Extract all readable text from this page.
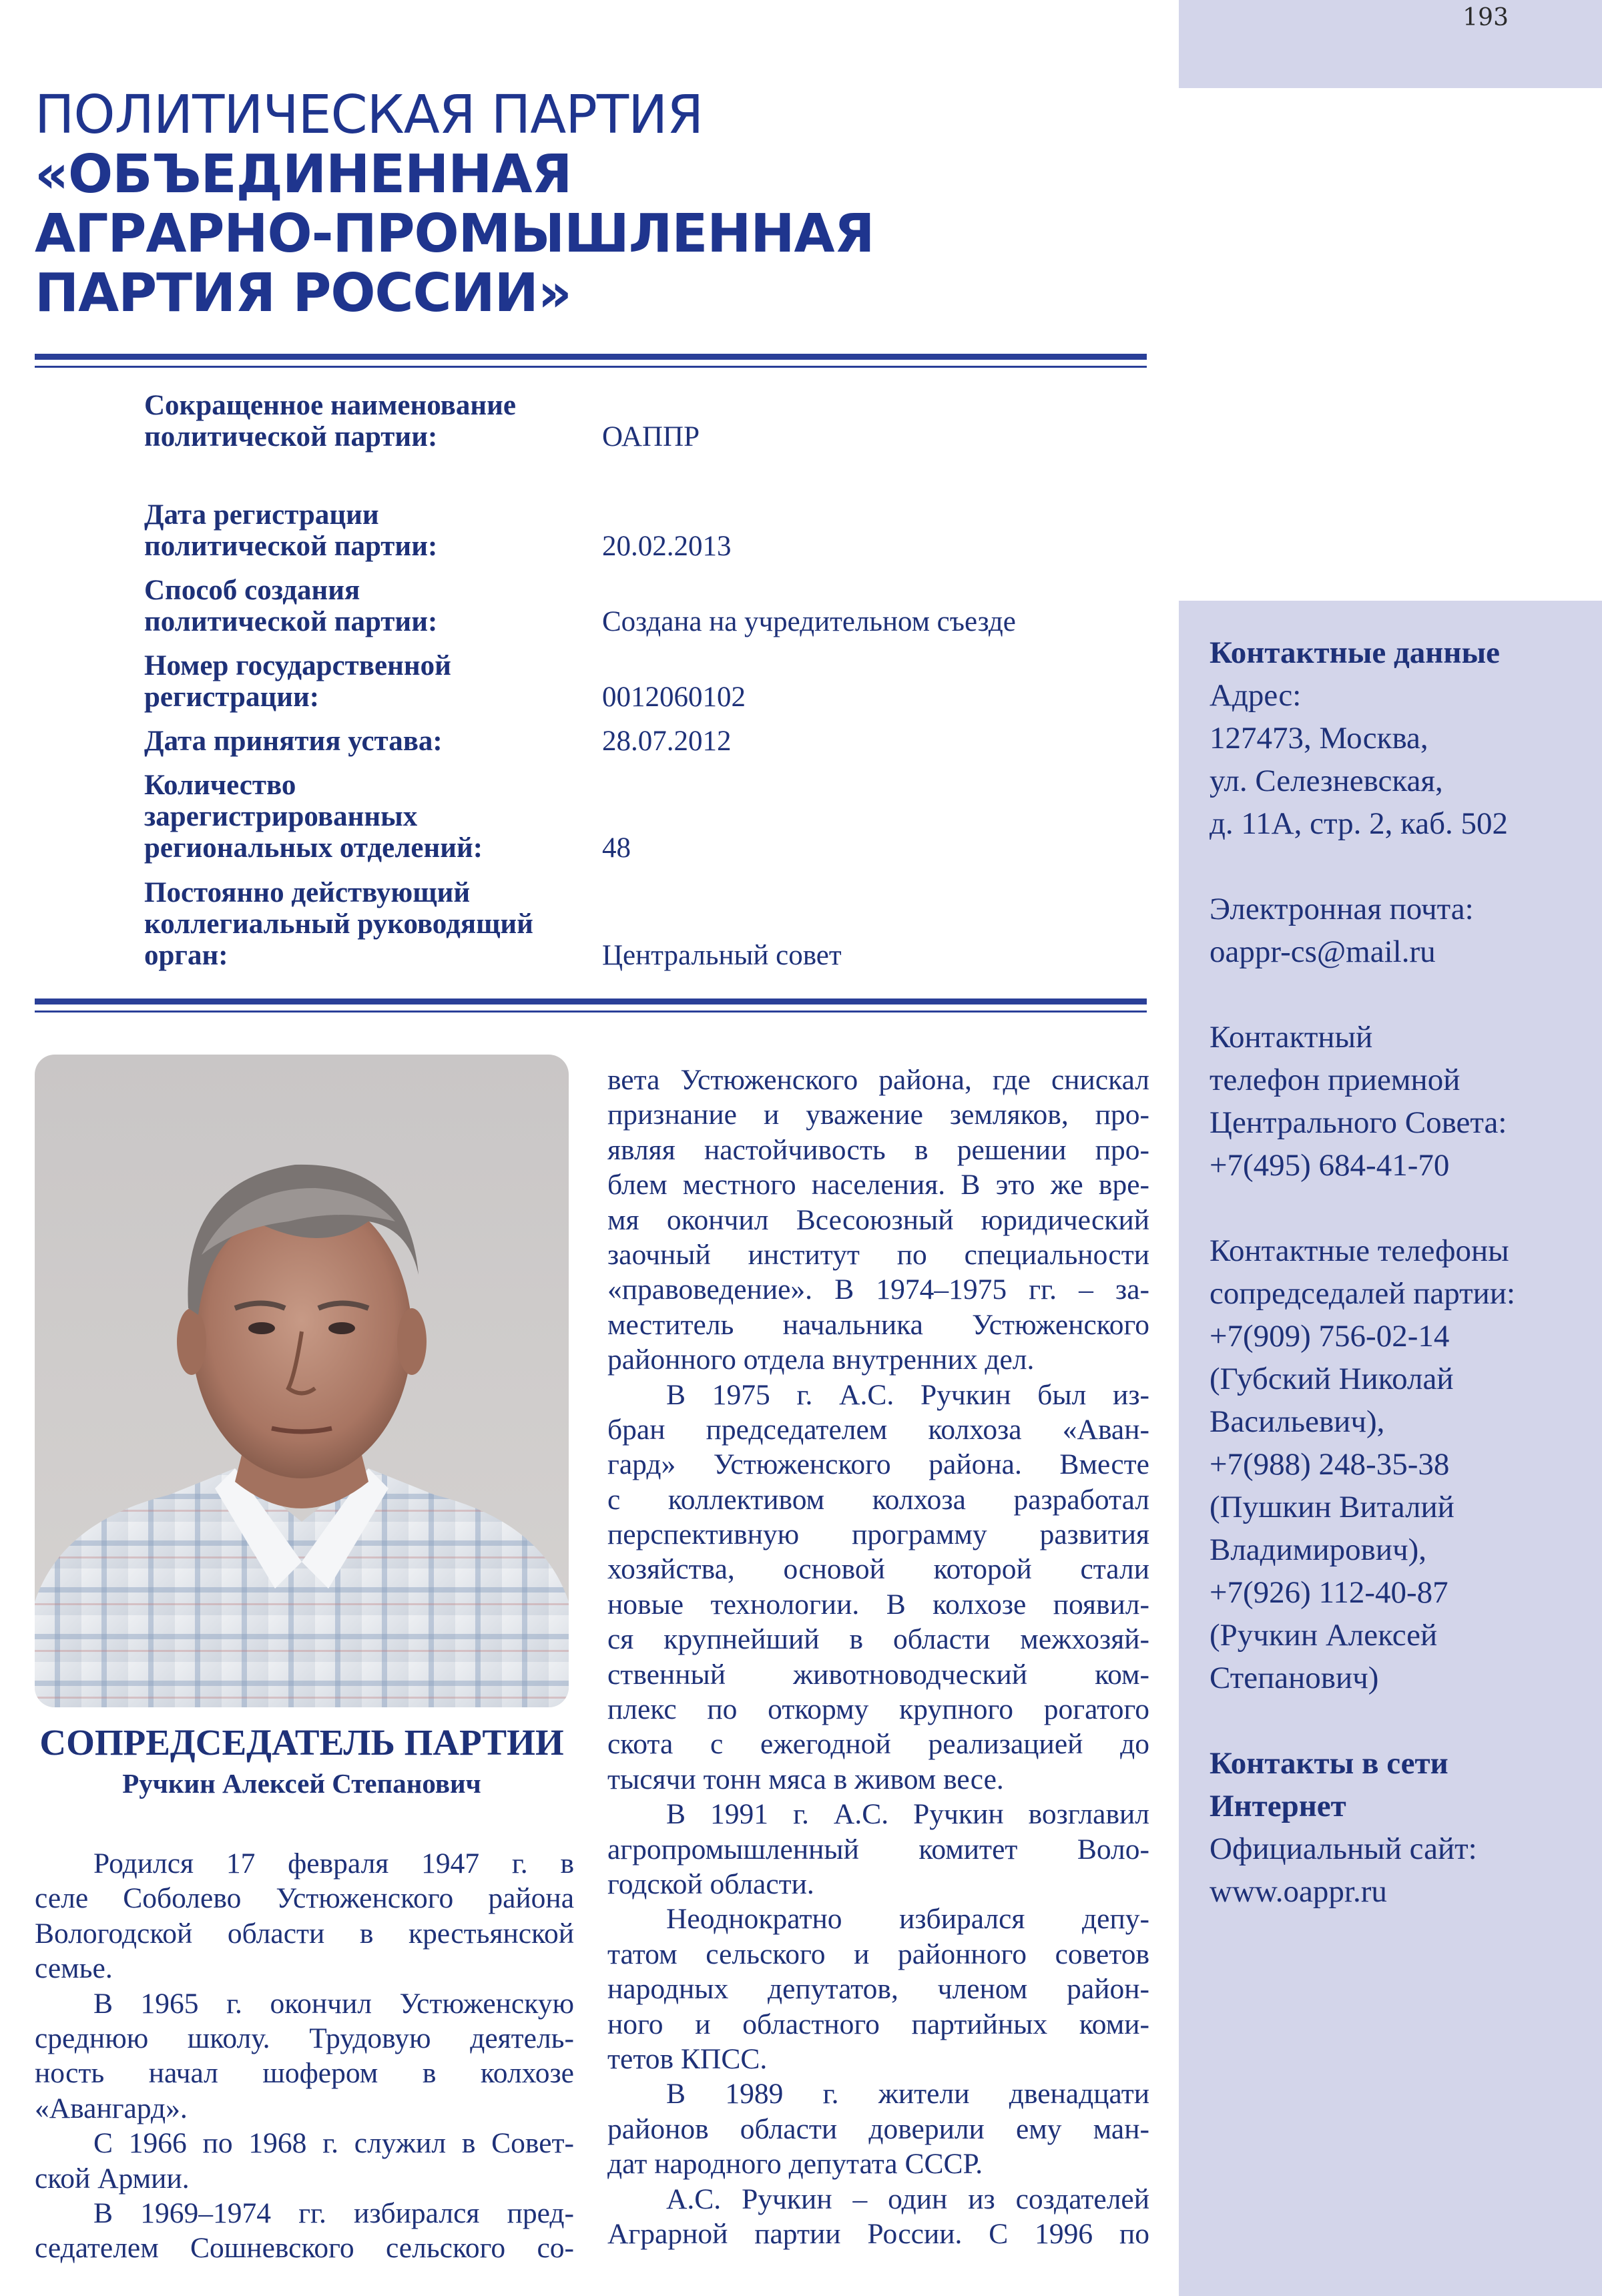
193
Контактные данные
Адрес:
127473, Москва,
ул. Селезневская,
д. 11А, стр. 2, каб. 502
Электронная почта:
oappr-cs@mail.ru
Контактный
телефон приемной
Центрального Совета:
+7(495) 684-41-70
Контактные телефоны
сопредседалей партии:
+7(909) 756-02-14
(Губский Николай
Васильевич),
+7(988) 248-35-38
(Пушкин Виталий
Владимирович),
+7(926) 112-40-87
(Ручкин Алексей
Степанович)
Контакты в сети
Интернет
Официальный сайт:
www.oappr.ru
ПОЛИТИЧЕСКАЯ ПАРТИЯ
«ОБЪЕДИНЕННАЯ
АГРАРНО-ПРОМЫШЛЕННАЯ
ПАРТИЯ РОССИИ»
Сокращенное наименование
политической партии:	ОАППР
Дата регистрации
политической партии:	20.02.2013
Способ создания
политической партии:	Создана на учредительном съезде
Номер государственной
регистрации:	0012060102
Дата принятия устава:	28.07.2012
Количество
зарегистрированных
региональных отделений:	48
Постоянно действующий
коллегиальный руководящий
орган:	Центральный совет
СОПРЕДСЕДАТЕЛЬ ПАРТИИ
Ручкин Алексей Степанович
Родился 17 февраля 1947 г. в
селе Соболево Устюженского района
Вологодской области в крестьянской
семье.
В 1965 г. окончил Устюженскую
среднюю школу. Трудовую деятель-
ность начал шофером в колхозе
«Авангард».
С 1966 по 1968 г. служил в Совет-
ской Армии.
В 1969–1974 гг. избирался пред-
седателем Сошневского сельского со-
вета Устюженского района, где снискал
признание и уважение земляков, про-
являя настойчивость в решении про-
блем местного населения. В это же вре-
мя окончил Всесоюзный юридический
заочный институт по специальности
«правоведение». В 1974–1975 гг. – за-
меститель начальника Устюженского
районного отдела внутренних дел.
В 1975 г. А.С. Ручкин был из-
бран председателем колхоза «Аван-
гард» Устюженского района. Вместе
с коллективом колхоза разработал
перспективную программу развития
хозяйства, основой которой стали
новые технологии. В колхозе появил-
ся крупнейший в области межхозяй-
ственный животноводческий ком-
плекс по откорму крупного рогатого
скота с ежегодной реализацией до
тысячи тонн мяса в живом весе.
В 1991 г. А.С. Ручкин возглавил
агропромышленный комитет Воло-
годской области.
Неоднократно избирался депу-
татом сельского и районного советов
народных депутатов, членом район-
ного и областного партийных коми-
тетов КПСС.
В 1989 г. жители двенадцати
районов области доверили ему ман-
дат народного депутата СССР.
А.С. Ручкин – один из создателей
Аграрной партии России. С 1996 по
